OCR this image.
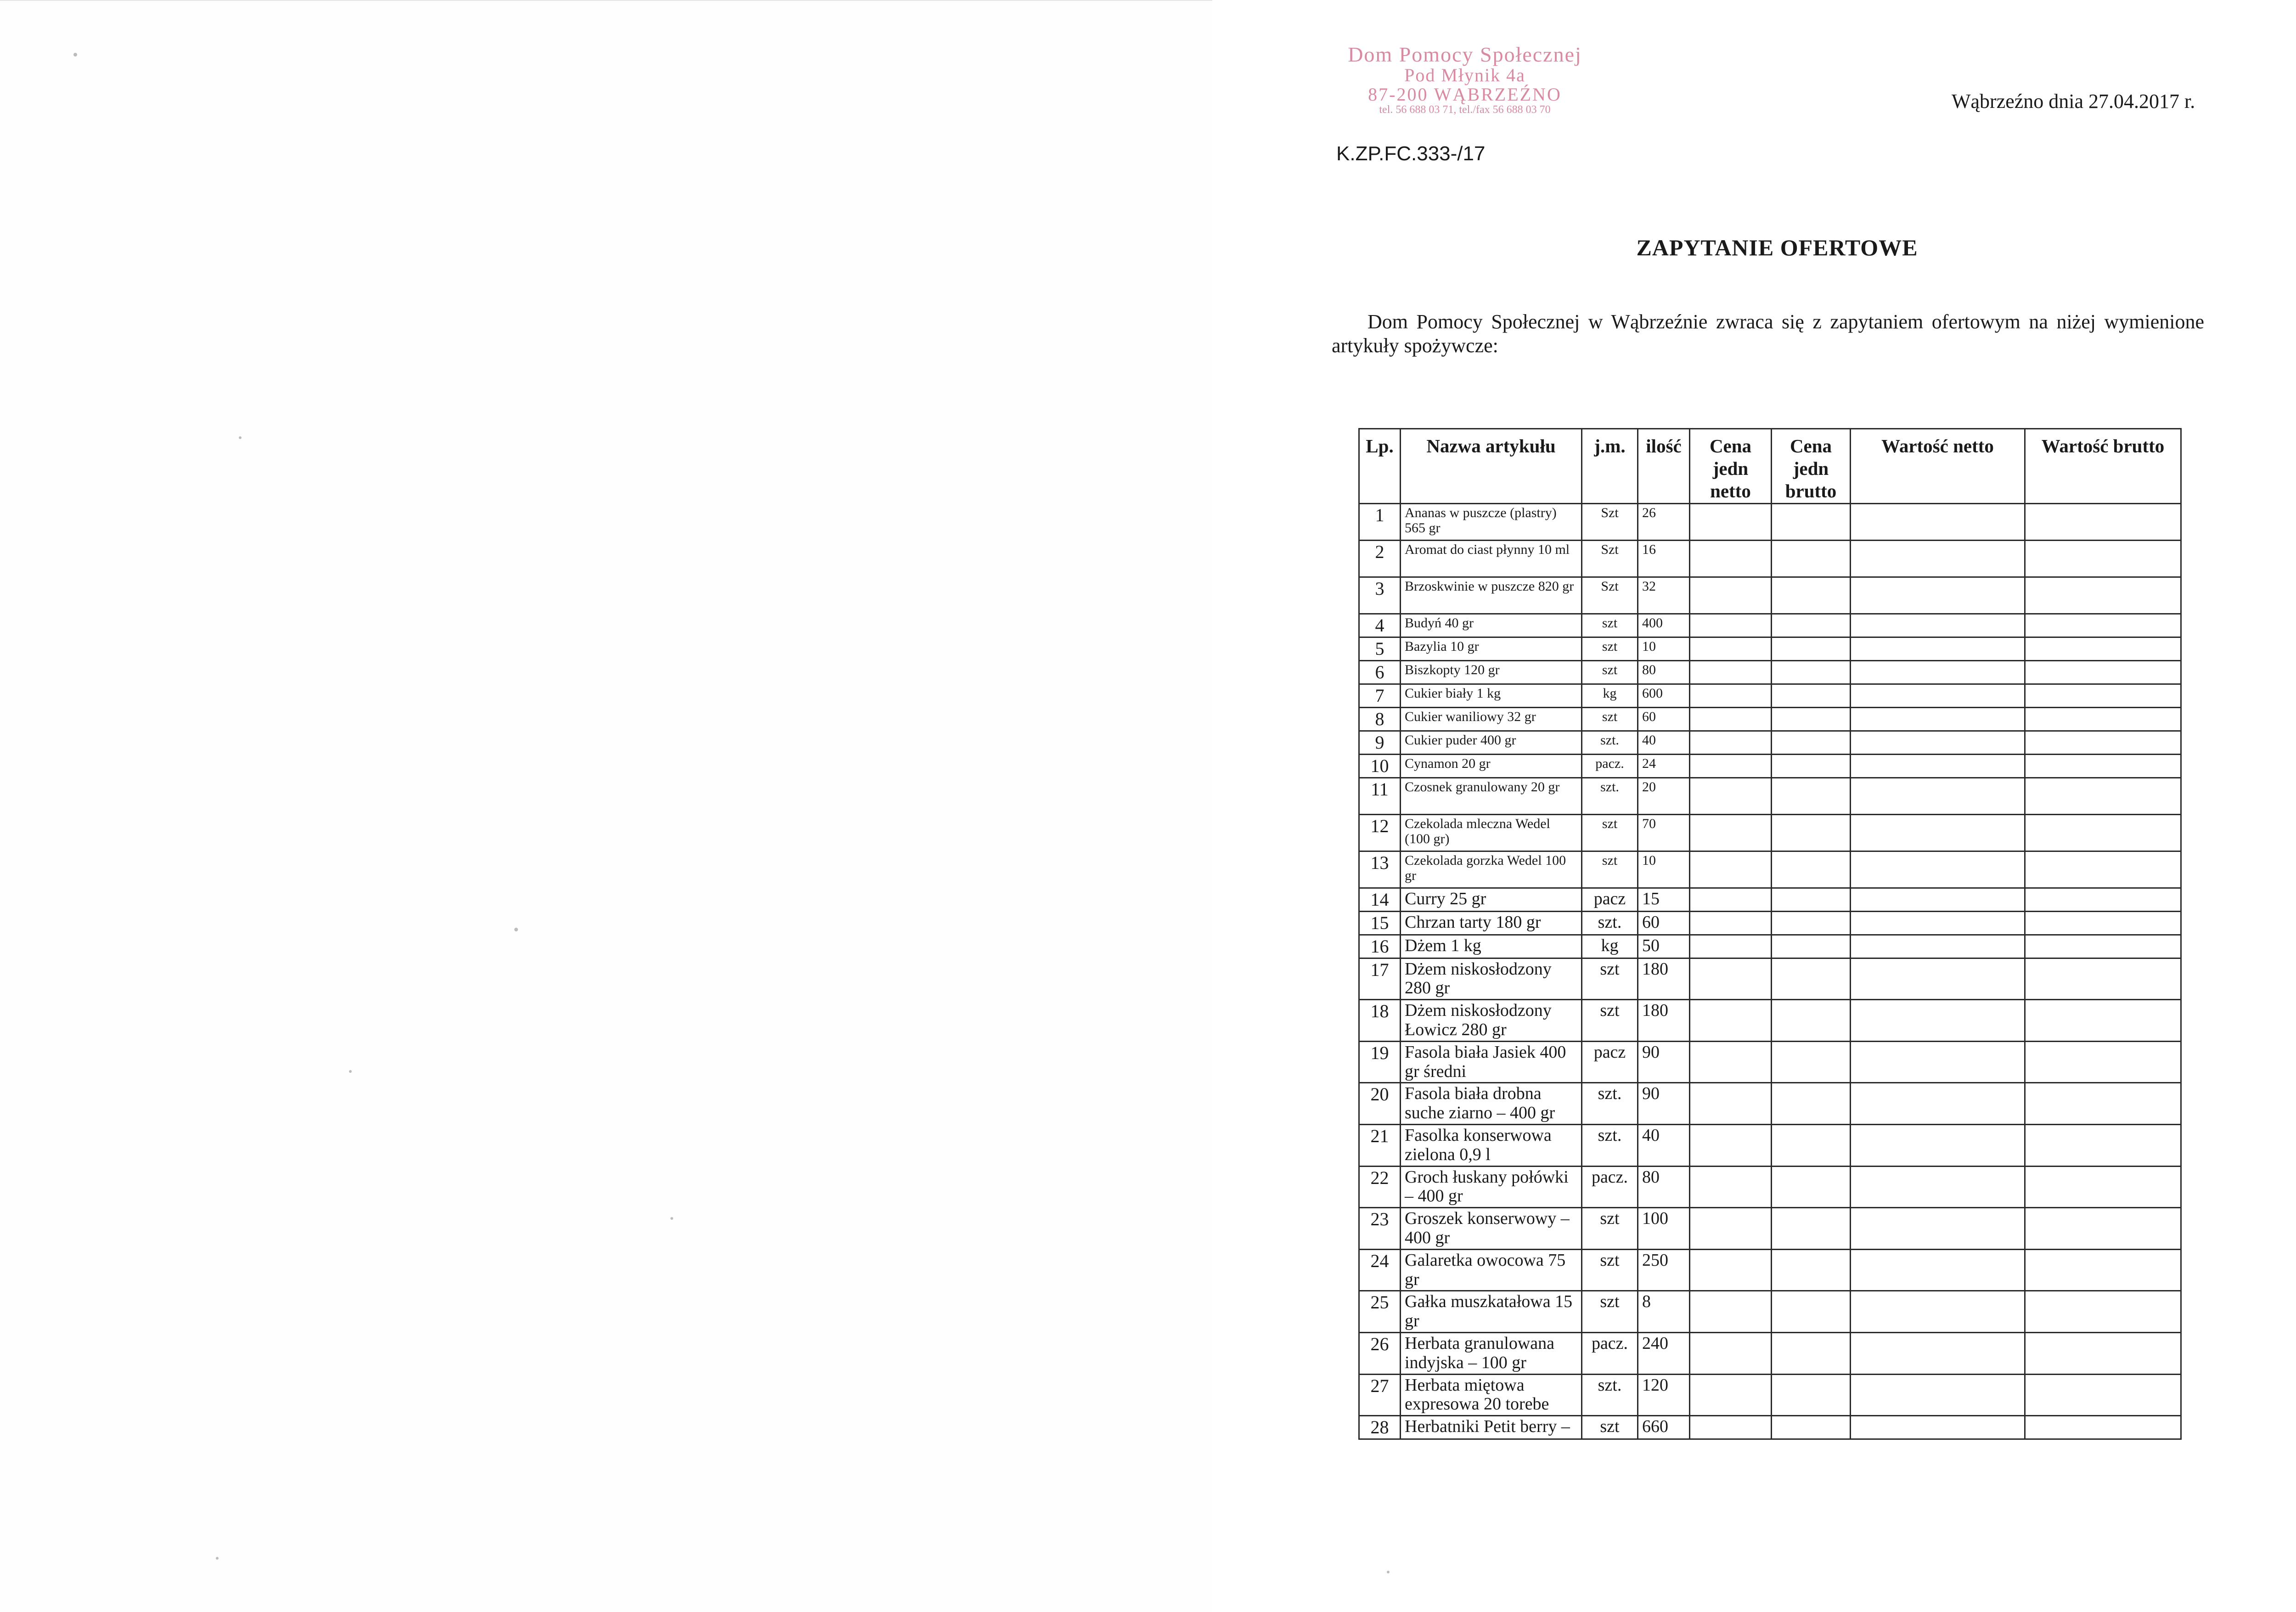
Dom Pomocy Społecznej
Pod Młynik 4a
87-200 WĄBRZEŹNO
tel. 56 688 03 71, tel./fax 56 688 03 70
K.ZP.FC.333-/17
Wąbrzeźno dnia 27.04.2017 r.
ZAPYTANIE OFERTOWE
Dom Pomocy Społecznej w Wąbrzeźnie zwraca się z zapytaniem ofertowym na niżej wymienione artykuły spożywcze:
Lp.	Nazwa artykułu	j.m.	ilość	Cena jedn netto	Cena jedn brutto	Wartość netto	Wartość brutto
1	Ananas w puszcze (plastry) 565 gr	Szt	26				
2	Aromat do ciast płynny 10 ml	Szt	16				
3	Brzoskwinie w puszcze 820 gr	Szt	32				
4	Budyń 40 gr	szt	400				
5	Bazylia 10 gr	szt	10				
6	Biszkopty 120 gr	szt	80				
7	Cukier biały 1 kg	kg	600				
8	Cukier waniliowy 32 gr	szt	60				
9	Cukier puder 400 gr	szt.	40				
10	Cynamon 20 gr	pacz.	24				
11	Czosnek granulowany 20 gr	szt.	20				
12	Czekolada mleczna Wedel (100 gr)	szt	70				
13	Czekolada gorzka Wedel 100 gr	szt	10				
14	Curry 25 gr	pacz	15				
15	Chrzan tarty 180 gr	szt.	60				
16	Dżem 1 kg	kg	50				
17	Dżem niskosłodzony 280 gr	szt	180				
18	Dżem niskosłodzony Łowicz 280 gr	szt	180				
19	Fasola biała Jasiek 400 gr średni	pacz	90				
20	Fasola biała drobna suche ziarno – 400 gr	szt.	90				
21	Fasolka konserwowa zielona 0,9 l	szt.	40				
22	Groch łuskany połówki – 400 gr	pacz.	80				
23	Groszek konserwowy – 400 gr	szt	100				
24	Galaretka owocowa 75 gr	szt	250				
25	Gałka muszkatałowa 15 gr	szt	8				
26	Herbata granulowana indyjska – 100 gr	pacz.	240				
27	Herbata miętowa expresowa 20 torebe	szt.	120				
28	Herbatniki Petit berry –	szt	660				
